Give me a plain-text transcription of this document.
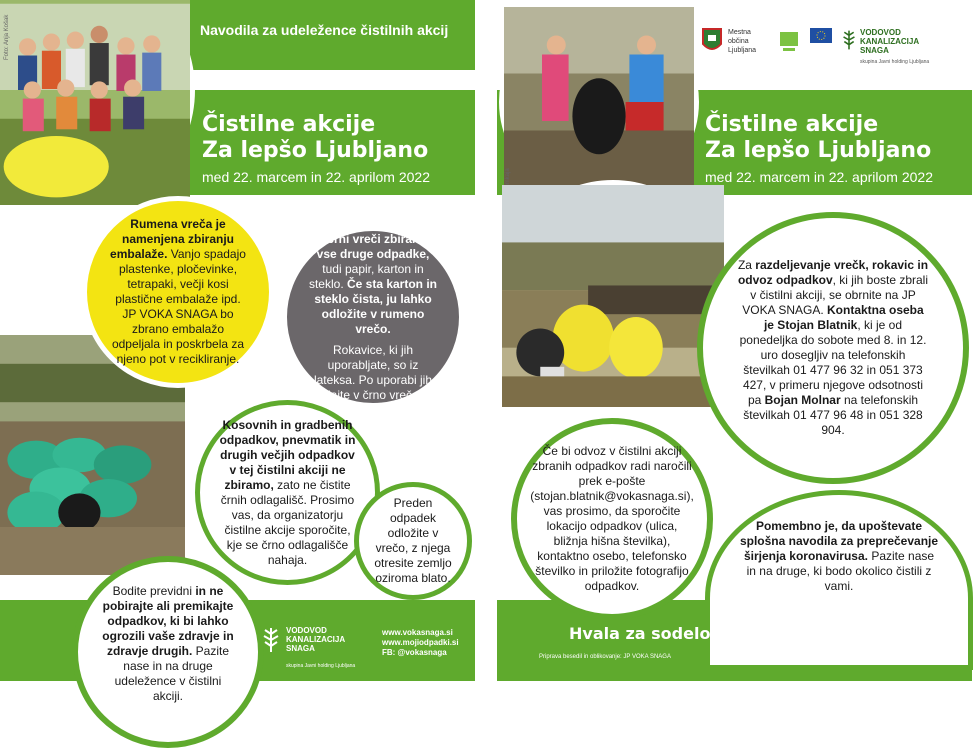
Navodila za udeležence čistilnih akcij
Čistilne akcije
Za lepšo Ljubljano
med 22. marcem in 22. aprilom 2022
Foto: Anja Košak
Rumena vreča je namenjena zbiranju embalaže. Vanjo spadajo plastenke, pločevinke, tetrapaki, večji kosi plastične embalaže ipd. JP VOKA SNAGA bo zbrano embalažo odpeljala in poskrbela za njeno pot v recikliranje.
V črni vreči zbiramo vse druge odpadke, tudi papir, karton in steklo. Če sta karton in steklo čista, ju lahko odložite v rumeno vrečo.
Rokavice, ki jih uporabljate, so iz lateksa. Po uporabi jih dajte v črno vrečo.
Kosovnih in gradbenih odpadkov, pnevmatik in drugih večjih odpadkov v tej čistilni akciji ne zbiramo, zato ne čistite črnih odlagališč. Prosimo vas, da organizatorju čistilne akcije sporočite, kje se črno odlagališče nahaja.
Preden odpadek odložite v vrečo, z njega otresite zemljo oziroma blato.
Bodite previdni in ne pobirajte ali premikajte odpadkov, ki bi lahko ogrozili vaše zdravje in zdravje drugih. Pazite nase in na druge udeležence v čistilni akciji.
VODOVOD
KANALIZACIJA
SNAGA
skupina Javni holding Ljubljana
www.vokasnaga.si
www.mojiodpadki.si
FB: @vokasnaga
Mestna občina
Ljubljana
VODOVOD
KANALIZACIJA
SNAGA
skupina Javni holding Ljubljana
Čistilne akcije
Za lepšo Ljubljano
med 22. marcem in 22. aprilom 2022
Za razdeljevanje vrečk, rokavic in odvoz odpadkov, ki jih boste zbrali v čistilni akciji, se obrnite na JP VOKA SNAGA. Kontaktna oseba je Stojan Blatnik, ki je od ponedeljka do sobote med 8. in 12. uro dosegljiv na telefonskih številkah 01 477 96 32 in 051 373 427, v primeru njegove odsotnosti pa Bojan Molnar na telefonskih številkah 01 477 96 48 in 051 328 904.
Če bi odvoz v čistilni akciji zbranih odpadkov radi naročili prek e-pošte (stojan.blatnik@vokasnaga.si), vas prosimo, da sporočite lokacijo odpadkov (ulica, bližnja hišna številka), kontaktno osebo, telefonsko številko in priložite fotografijo odpadkov.
Pomembno je, da upoštevate splošna navodila za preprečevanje širjenja koronavirusa. Pazite nase in na druge, ki bodo okolico čistili z vami.
Hvala za sodelovanje v čistilni akciji.
Priprava besedil in oblikovanje: JP VOKA SNAGA	Fotografije: Ekologi brez meja in JP VOKA SNAGA
